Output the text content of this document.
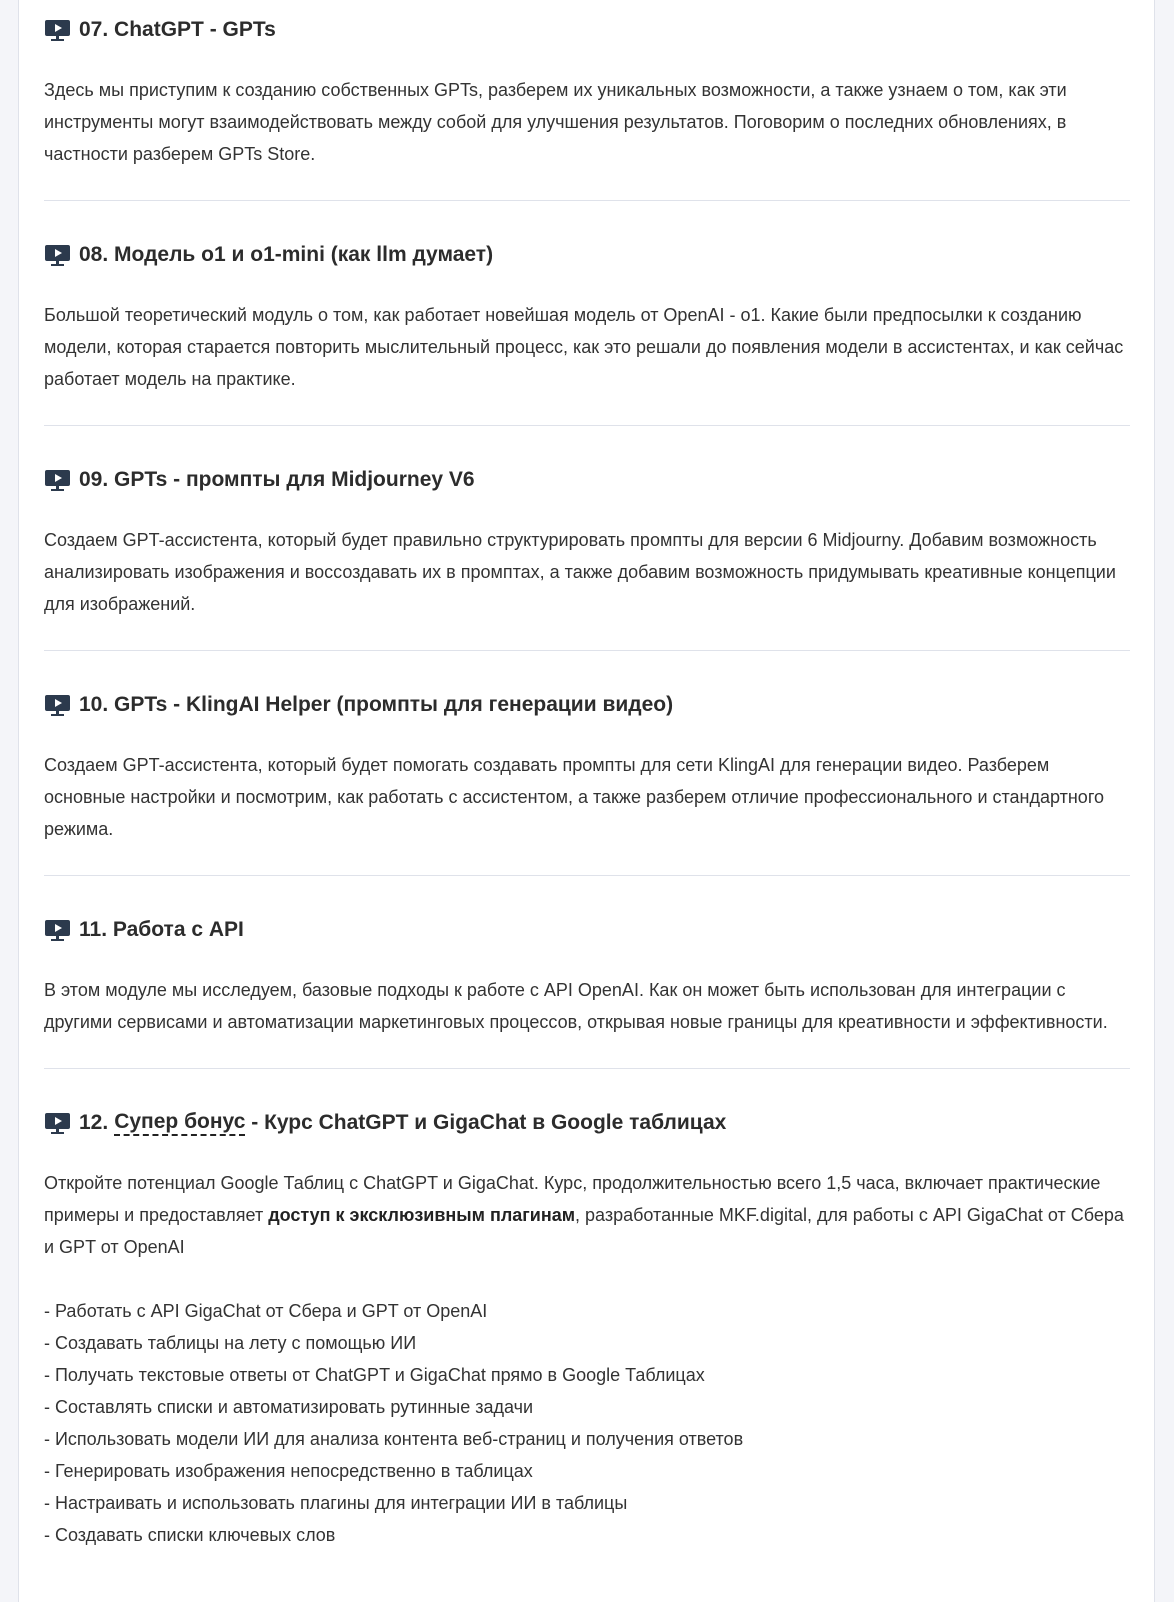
07. ChatGPT - GPTs
Здесь мы приступим к созданию собственных GPTs, разберем их уникальных возможности, а также узнаем о том, как эти инструменты могут взаимодействовать между собой для улучшения результатов. Поговорим о последних обновлениях, в частности разберем GPTs Store.
08. Модель o1 и o1-mini (как llm думает)
Большой теоретический модуль о том, как работает новейшая модель от OpenAI - o1. Какие были предпосылки к созданию модели, которая старается повторить мыслительный процесс, как это решали до появления модели в ассистентах, и как сейчас работает модель на практике.
09. GPTs - промпты для Midjourney V6
Создаем GPT-ассистента, который будет правильно структурировать промпты для версии 6 Midjourny. Добавим возможность анализировать изображения и воссоздавать их в промптах, а также добавим возможность придумывать креативные концепции для изображений.
10. GPTs - KlingAI Helper (промпты для генерации видео)
Создаем GPT-ассистента, который будет помогать создавать промпты для сети KlingAI для генерации видео. Разберем основные настройки и посмотрим, как работать с ассистентом, а также разберем отличие профессионального и стандартного режима.
11. Работа с API
В этом модуле мы исследуем, базовые подходы к работе с API OpenAI. Как он может быть использован для интеграции с другими сервисами и автоматизации маркетинговых процессов, открывая новые границы для креативности и эффективности.
12. Супер бонус - Курс ChatGPT и GigaChat в Google таблицах
Откройте потенциал Google Таблиц с ChatGPT и GigaChat. Курс, продолжительностью всего 1,5 часа, включает практические примеры и предоставляет доступ к эксклюзивным плагинам, разработанные MKF.digital, для работы с API GigaChat от Сбера и GPT от OpenAI
- Работать с API GigaChat от Сбера и GPT от OpenAI
- Создавать таблицы на лету с помощью ИИ
- Получать текстовые ответы от ChatGPT и GigaChat прямо в Google Таблицах
- Составлять списки и автоматизировать рутинные задачи
- Использовать модели ИИ для анализа контента веб-страниц и получения ответов
- Генерировать изображения непосредственно в таблицах
- Настраивать и использовать плагины для интеграции ИИ в таблицы
- Создавать списки ключевых слов
